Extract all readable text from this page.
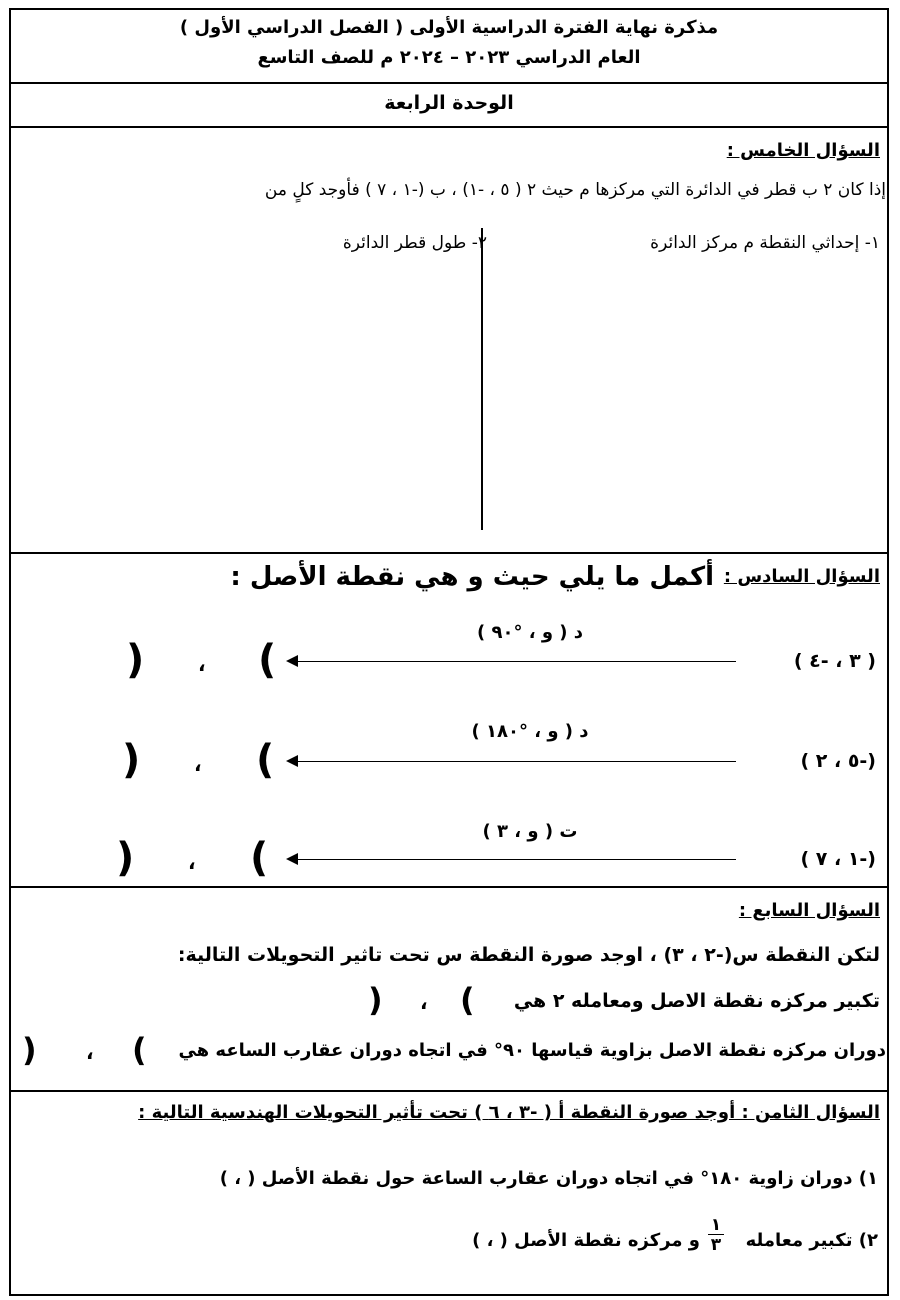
مذكرة نهاية الفترة الدراسية الأولى ( الفصل الدراسي الأول )
العام الدراسي ٢٠٢٣ – ٢٠٢٤ م للصف التاسع
الوحدة الرابعة
السؤال الخامس :
إذا كان ٢ ب قطر في الدائرة التي مركزها م حيث ٢ ( ٥ ، -١) ، ب (-١ ، ٧ ) فأوجد كلٍ من
١- إحداثي النقطة م مركز الدائرة
٢- طول قطر الدائرة
السؤال السادس :
أكمل ما يلي حيث و هي نقطة الأصل :
( ٣ ، -٤ )
د ( و ، °٩٠ )
(
،
)
(-٥ ، ٢ )
د ( و ، °١٨٠ )
(
،
)
(-١ ، ٧ )
ت ( و ، ٣ )
(
،
)
السؤال السابع :
لتكن النقطة س(-٢ ، ٣) ، اوجد صورة النقطة س تحت تاثير التحويلات التالية:
تكبير مركزه نقطة الاصل ومعامله ٢ هي
(
،
)
دوران مركزه نقطة الاصل بزاوية قياسها ٩٠° في اتجاه دوران عقارب الساعه هي
(
،
)
السؤال الثامن : أوجد صورة النقطة أ ( -٣ ، ٦ ) تحت تأثير التحويلات الهندسية التالية :
١) دوران زاوية ١٨٠° في اتجاه دوران عقارب الساعة حول نقطة الأصل ( ، )
٢) تكبير معامله
١
٣
و مركزه نقطة الأصل ( ، )
